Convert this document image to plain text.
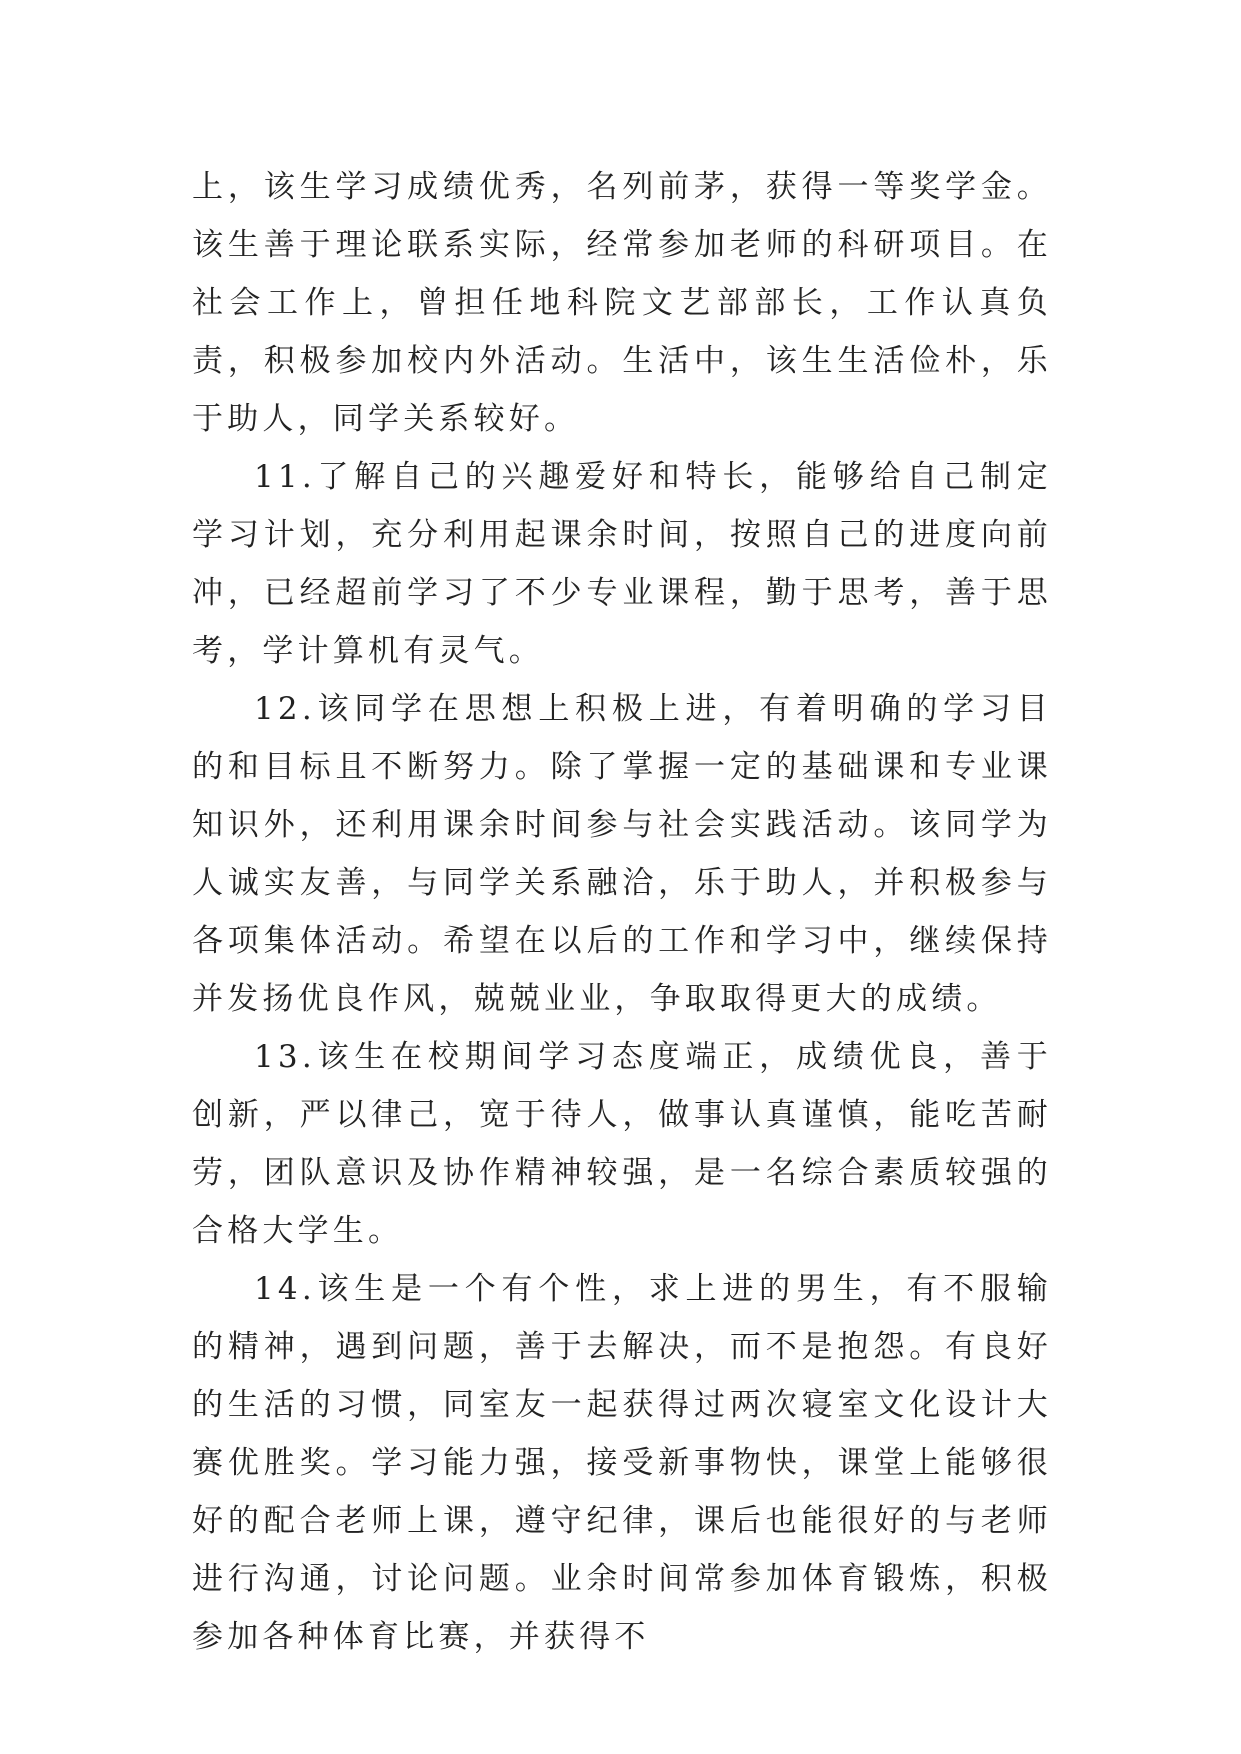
上，该生学习成绩优秀，名列前茅，获得一等奖学金。该生善于理论联系实际，经常参加老师的科研项目。在社会工作上，曾担任地科院文艺部部长，工作认真负责，积极参加校内外活动。生活中，该生生活俭朴，乐于助人，同学关系较好。

11.了解自己的兴趣爱好和特长，能够给自己制定学习计划，充分利用起课余时间，按照自己的进度向前冲，已经超前学习了不少专业课程，勤于思考，善于思考，学计算机有灵气。

12.该同学在思想上积极上进，有着明确的学习目的和目标且不断努力。除了掌握一定的基础课和专业课知识外，还利用课余时间参与社会实践活动。该同学为人诚实友善，与同学关系融洽，乐于助人，并积极参与各项集体活动。希望在以后的工作和学习中，继续保持并发扬优良作风，兢兢业业，争取取得更大的成绩。

13.该生在校期间学习态度端正，成绩优良，善于创新，严以律己，宽于待人，做事认真谨慎，能吃苦耐劳，团队意识及协作精神较强，是一名综合素质较强的合格大学生。

14.该生是一个有个性，求上进的男生，有不服输的精神，遇到问题，善于去解决，而不是抱怨。有良好的生活的习惯，同室友一起获得过两次寝室文化设计大赛优胜奖。学习能力强，接受新事物快，课堂上能够很好的配合老师上课，遵守纪律，课后也能很好的与老师进行沟通，讨论问题。业余时间常参加体育锻炼，积极参加各种体育比赛，并获得不
